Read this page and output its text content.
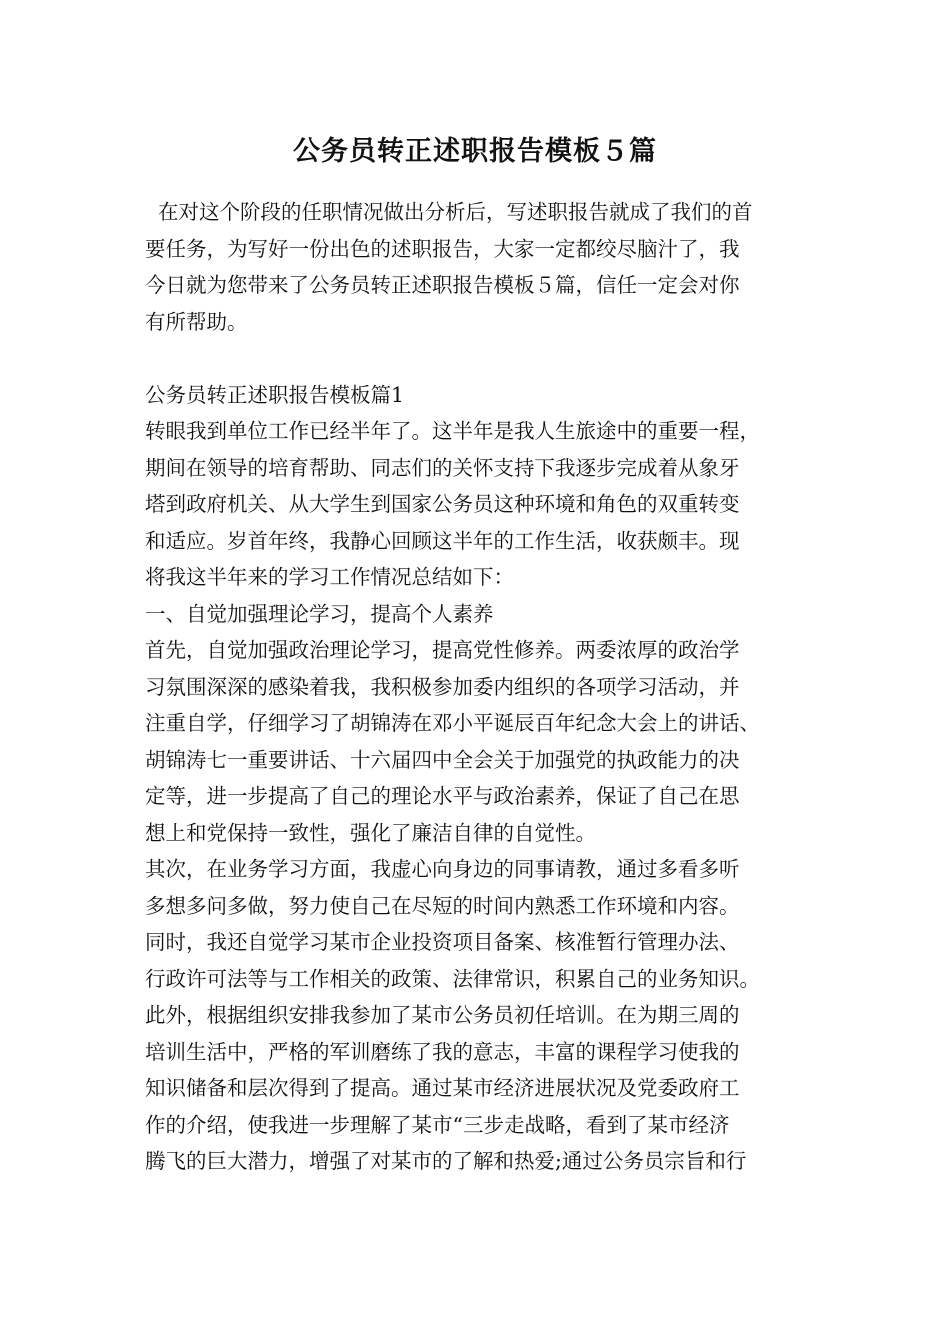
公务员转正述职报告模板５篇

在对这个阶段的任职情况做出分析后，写述职报告就成了我们的首

要任务，为写好一份出色的述职报告，大家一定都绞尽脑汁了，我

今日就为您带来了公务员转正述职报告模板５篇，信任一定会对你

有所帮助。

公务员转正述职报告模板篇1

转眼我到单位工作已经半年了。这半年是我人生旅途中的重要一程，

期间在领导的培育帮助、同志们的关怀支持下我逐步完成着从象牙

塔到政府机关、从大学生到国家公务员这种环境和角色的双重转变

和适应。岁首年终，我静心回顾这半年的工作生活，收获颇丰。现

将我这半年来的学习工作情况总结如下：

一、自觉加强理论学习，提高个人素养

首先，自觉加强政治理论学习，提高党性修养。两委浓厚的政治学

习氛围深深的感染着我，我积极参加委内组织的各项学习活动，并

注重自学，仔细学习了胡锦涛在邓小平诞辰百年纪念大会上的讲话、

胡锦涛七一重要讲话、十六届四中全会关于加强党的执政能力的决

定等，进一步提高了自己的理论水平与政治素养，保证了自己在思

想上和党保持一致性，强化了廉洁自律的自觉性。

其次，在业务学习方面，我虚心向身边的同事请教，通过多看多听

多想多问多做，努力使自己在尽短的时间内熟悉工作环境和内容。

同时，我还自觉学习某市企业投资项目备案、核准暂行管理办法、

行政许可法等与工作相关的政策、法律常识，积累自己的业务知识。

此外，根据组织安排我参加了某市公务员初任培训。在为期三周的

培训生活中，严格的军训磨练了我的意志，丰富的课程学习使我的

知识储备和层次得到了提高。通过某市经济进展状况及党委政府工

作的介绍，使我进一步理解了某市“三步走战略，看到了某市经济

腾飞的巨大潜力，增强了对某市的了解和热爱;通过公务员宗旨和行
